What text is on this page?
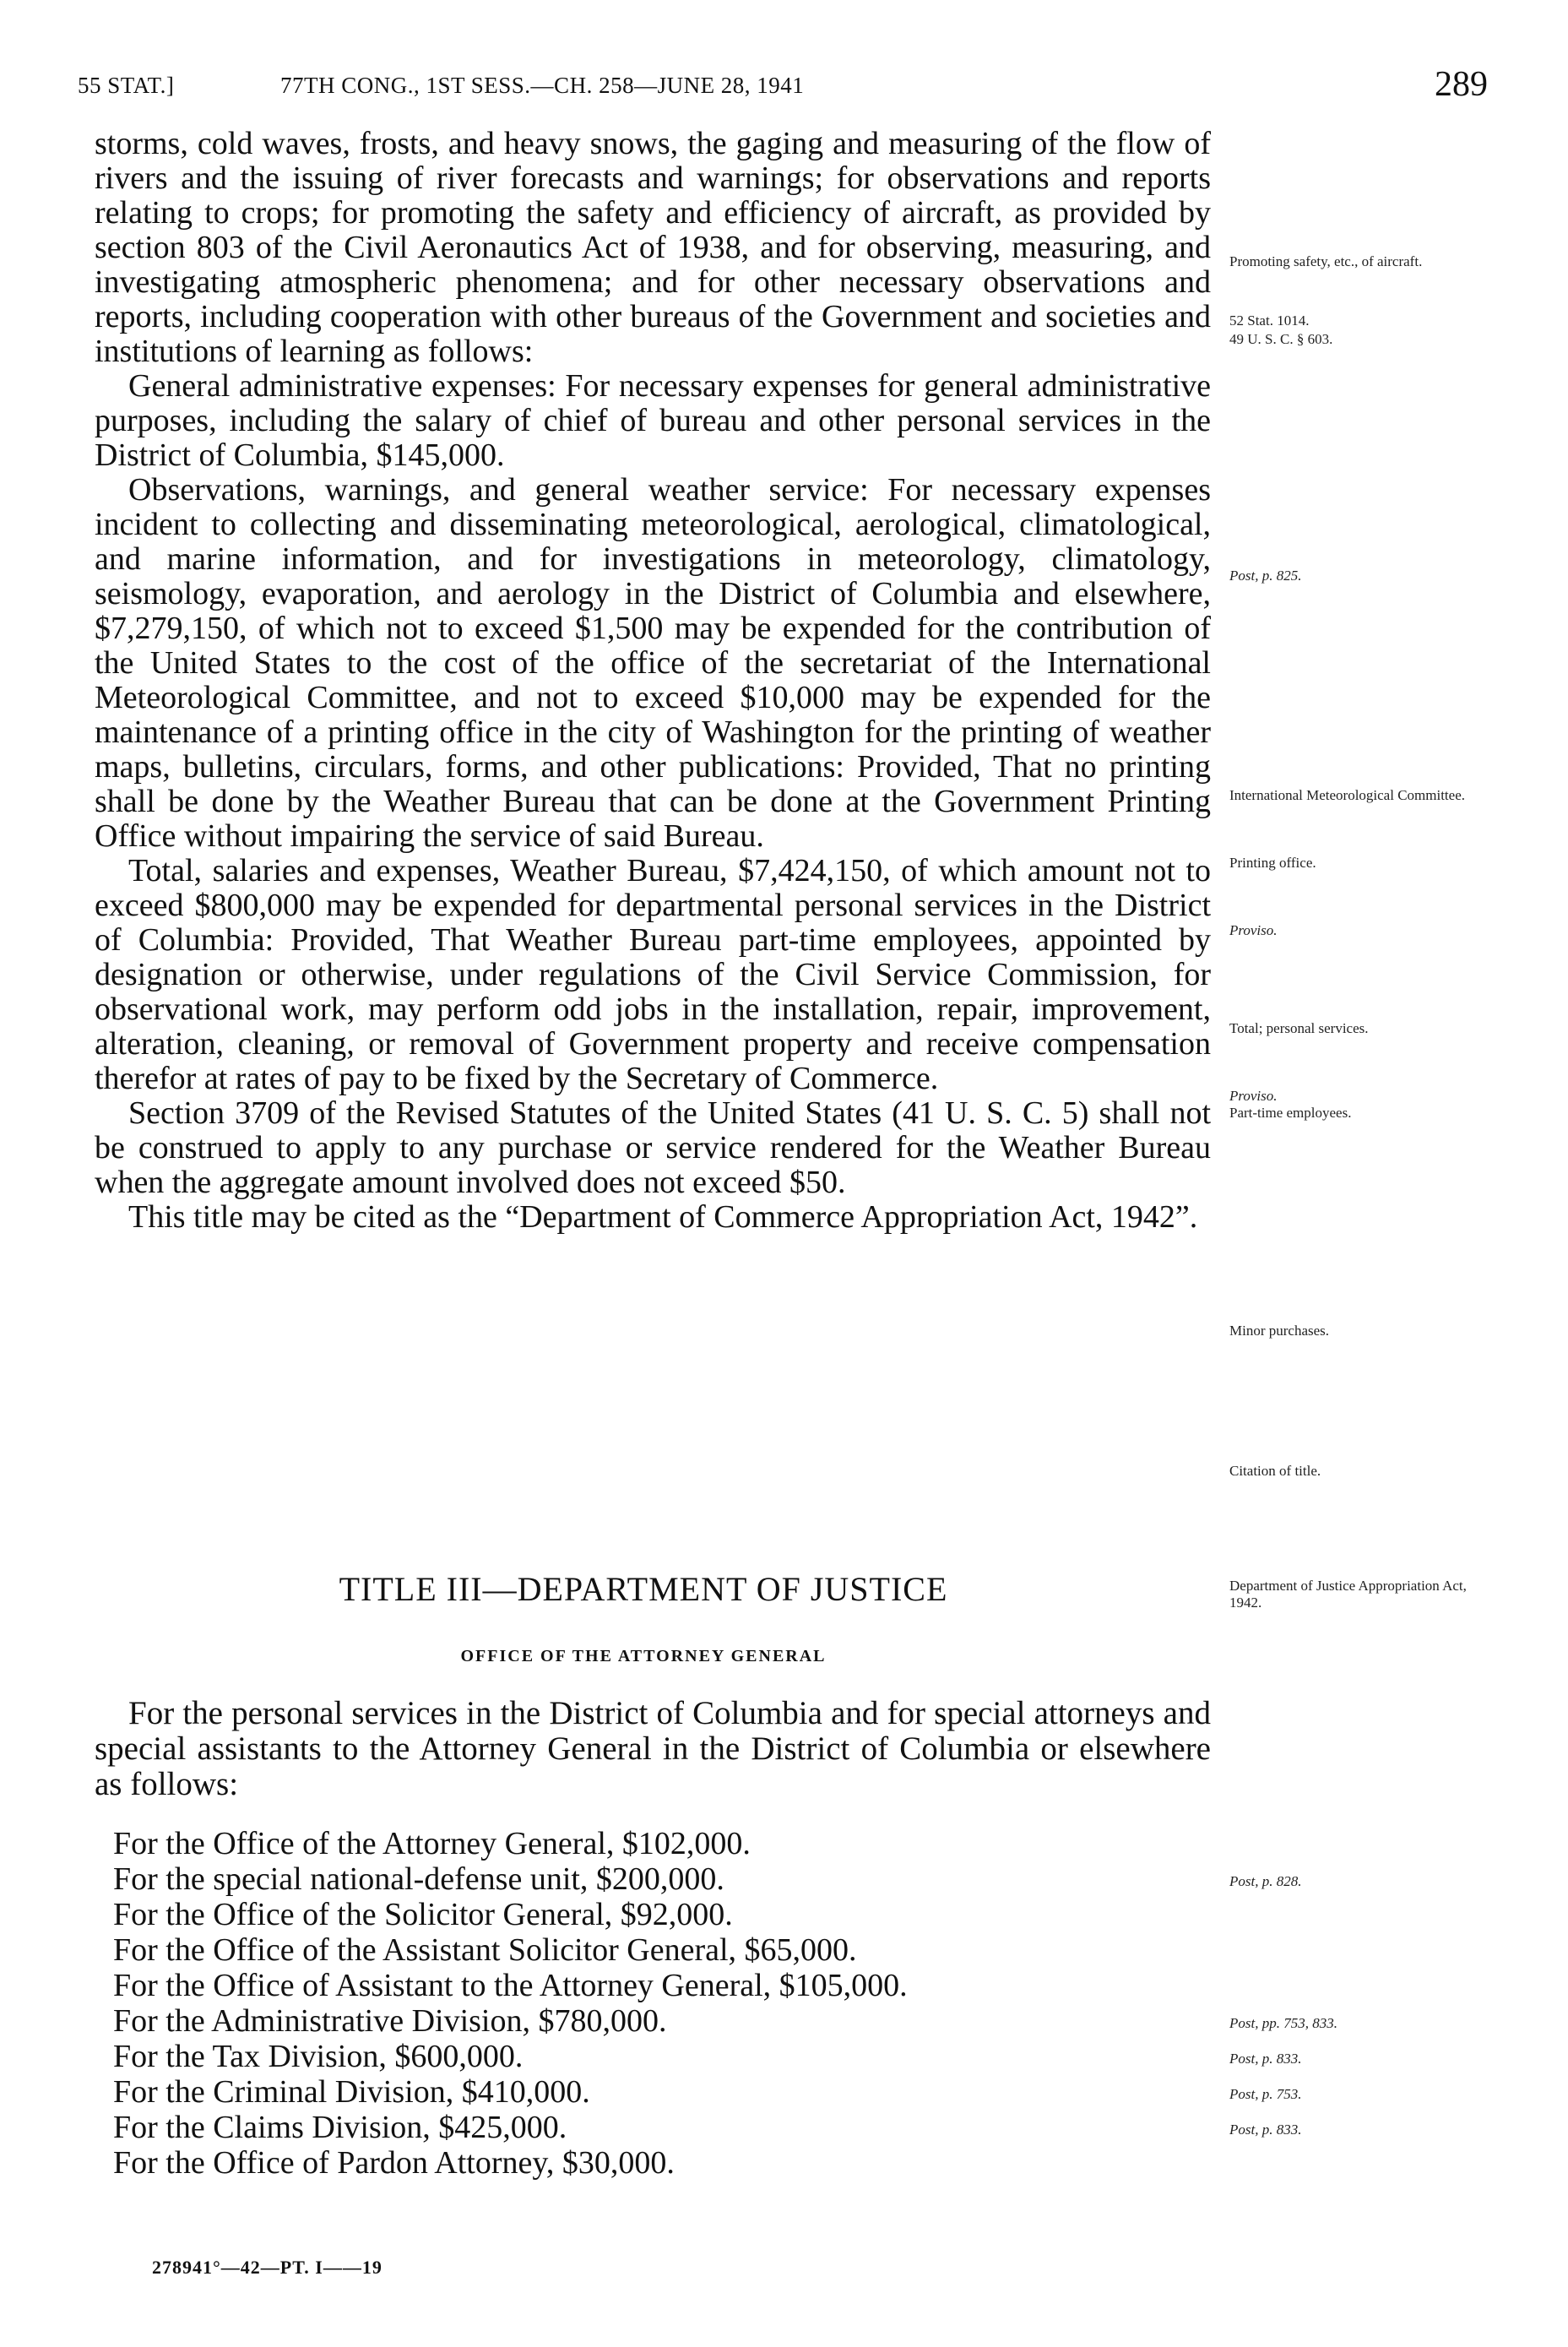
55 STAT.]	77TH CONG., 1ST SESS.—CH. 258—JUNE 28, 1941	289

storms, cold waves, frosts, and heavy snows, the gaging and measuring of the flow of rivers and the issuing of river forecasts and warnings; for observations and reports relating to crops; for promoting the safety and efficiency of aircraft, as provided by section 803 of the Civil Aeronautics Act of 1938, and for observing, measuring, and investigating atmospheric phenomena; and for other necessary observations and reports, including cooperation with other bureaus of the Government and societies and institutions of learning as follows:

General administrative expenses: For necessary expenses for general administrative purposes, including the salary of chief of bureau and other personal services in the District of Columbia, $145,000.

Observations, warnings, and general weather service: For necessary expenses incident to collecting and disseminating meteorological, aerological, climatological, and marine information, and for investigations in meteorology, climatology, seismology, evaporation, and aerology in the District of Columbia and elsewhere, $7,279,150, of which not to exceed $1,500 may be expended for the contribution of the United States to the cost of the office of the secretariat of the International Meteorological Committee, and not to exceed $10,000 may be expended for the maintenance of a printing office in the city of Washington for the printing of weather maps, bulletins, circulars, forms, and other publications: Provided, That no printing shall be done by the Weather Bureau that can be done at the Government Printing Office without impairing the service of said Bureau.

Total, salaries and expenses, Weather Bureau, $7,424,150, of which amount not to exceed $800,000 may be expended for departmental personal services in the District of Columbia: Provided, That Weather Bureau part-time employees, appointed by designation or otherwise, under regulations of the Civil Service Commission, for observational work, may perform odd jobs in the installation, repair, improvement, alteration, cleaning, or removal of Government property and receive compensation therefor at rates of pay to be fixed by the Secretary of Commerce.

Section 3709 of the Revised Statutes of the United States (41 U. S. C. 5) shall not be construed to apply to any purchase or service rendered for the Weather Bureau when the aggregate amount involved does not exceed $50.

This title may be cited as the “Department of Commerce Appropriation Act, 1942”.

TITLE III—DEPARTMENT OF JUSTICE
OFFICE OF THE ATTORNEY GENERAL

For the personal services in the District of Columbia and for special attorneys and special assistants to the Attorney General in the District of Columbia or elsewhere as follows:

For the Office of the Attorney General, $102,000.
For the special national-defense unit, $200,000.
For the Office of the Solicitor General, $92,000.
For the Office of the Assistant Solicitor General, $65,000.
For the Office of Assistant to the Attorney General, $105,000.
For the Administrative Division, $780,000.
For the Tax Division, $600,000.
For the Criminal Division, $410,000.
For the Claims Division, $425,000.
For the Office of Pardon Attorney, $30,000.
Promoting safety, etc., of aircraft.
52 Stat. 1014.
49 U. S. C. § 603.
Post, p. 825.
International Meteorological Committee.
Printing office.
Proviso.
Total; personal services.
Proviso.
Part-time employees.
Minor purchases.
Citation of title.
Department of Justice Appropriation Act, 1942.
Post, p. 828.
Post, pp. 753, 833.
Post, p. 833.
Post, p. 753.
Post, p. 833.
278941°—42—PT. I——19
